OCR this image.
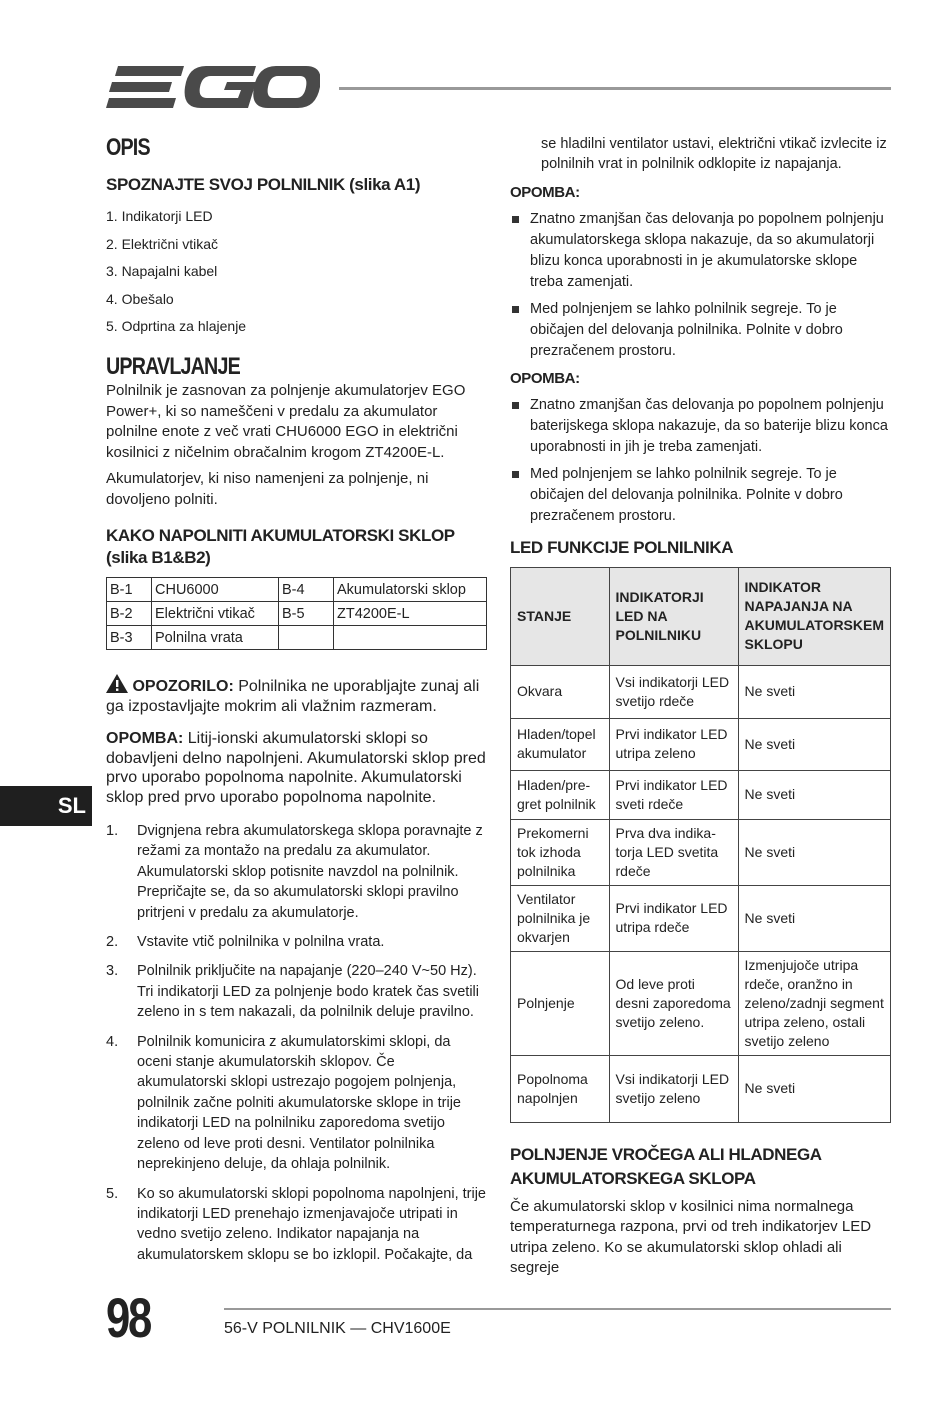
OPIS
SPOZNAJTE SVOJ POLNILNIK (slika A1)
1. Indikatorji LED
2. Električni vtikač
3. Napajalni kabel
4. Obešalo
5. Odprtina za hlajenje
UPRAVLJANJE

Polnilnik je zasnovan za polnjenje akumulatorjev EGO Power+, ki so nameščeni v predalu za akumulator polnilne enote z več vrati CHU6000 EGO in električni kosilnici z ničelnim obračalnim krogom ZT4200E-L.

Akumulatorjev, ki niso namenjeni za polnjenje, ni dovoljeno polniti.

KAKO NAPOLNITI AKUMULATORSKI SKLOP (slika B1&B2)
B-1	CHU6000	B-4	Akumulatorski sklop
B-2	Električni vtikač	B-5	ZT4200E-L
B-3	Polnilna vrata		

OPOZORILO: Polnilnika ne uporabljajte zunaj ali ga izpostavljajte mokrim ali vlažnim razmeram.

OPOMBA: Litij-ionski akumulatorski sklopi so dobavljeni delno napolnjeni. Akumulatorski sklop pred prvo uporabo popolnoma napolnite. Akumulatorski sklop pred prvo uporabo popolnoma napolnite.

1. Dvignjena rebra akumulatorskega sklopa poravnajte z režami za montažo na predalu za akumulator. Akumulatorski sklop potisnite navzdol na polnilnik. Prepričajte se, da so akumulatorski sklopi pravilno pritrjeni v predalu za akumulatorje.
2. Vstavite vtič polnilnika v polnilna vrata.
3. Polnilnik priključite na napajanje (220–240 V~50 Hz). Tri indikatorji LED za polnjenje bodo kratek čas svetili zeleno in s tem nakazali, da polnilnik deluje pravilno.
4. Polnilnik komunicira z akumulatorskimi sklopi, da oceni stanje akumulatorskih sklopov. Če akumulatorski sklopi ustrezajo pogojem polnjenja, polnilnik začne polniti akumulatorske sklope in trije indikatorji LED na polnilniku zaporedoma svetijo zeleno od leve proti desni. Ventilator polnilnika neprekinjeno deluje, da ohlaja polnilnik.
5. Ko so akumulatorski sklopi popolnoma napolnjeni, trije indikatorji LED prenehajo izmenjavajoče utripati in vedno svetijo zeleno. Indikator napajanja na akumulatorskem sklopu se bo izklopil. Počakajte, da

se hladilni ventilator ustavi, električni vtikač izvlecite iz polnilnih vrat in polnilnik odklopite iz napajanja.

OPOMBA:
Znatno zmanjšan čas delovanja po popolnem polnjenju akumulatorskega sklopa nakazuje, da so akumulatorji blizu konca uporabnosti in je akumulatorske sklope treba zamenjati.
Med polnjenjem se lahko polnilnik segreje. To je običajen del delovanja polnilnika. Polnite v dobro prezračenem prostoru.
OPOMBA:
Znatno zmanjšan čas delovanja po popolnem polnjenju baterijskega sklopa nakazuje, da so baterije blizu konca uporabnosti in jih je treba zamenjati.
Med polnjenjem se lahko polnilnik segreje. To je običajen del delovanja polnilnika. Polnite v dobro prezračenem prostoru.
LED FUNKCIJE POLNILNIKA
STANJE	INDIKATORJI LED NA POLNILNIKU	INDIKATOR NAPAJANJA NA AKUMULATORSKEM SKLOPU
Okvara	Vsi indikatorji LED svetijo rdeče	Ne sveti
Hladen/topel akumulator	Prvi indikator LED utripa zeleno	Ne sveti
Hladen/pre-gret polnilnik	Prvi indikator LED sveti rdeče	Ne sveti
Prekomerni tok izhoda polnilnika	Prva dva indika-torja LED svetita rdeče	Ne sveti
Ventilator polnilnika je okvarjen	Prvi indikator LED utripa rdeče	Ne sveti
Polnjenje	Od leve proti desni zaporedoma svetijo zeleno.	Izmenjujoče utripa rdeče, oranžno in zeleno/zadnji segment utripa zeleno, ostali svetijo zeleno
Popolnoma napolnjen	Vsi indikatorji LED svetijo zeleno	Ne sveti
POLNJENJE VROČEGA ALI HLADNEGA AKUMULATORSKEGA SKLOPA

Če akumulatorski sklop v kosilnici nima normalnega temperaturnega razpona, prvi od treh indikatorjev LED utripa zeleno. Ko se akumulatorski sklop ohladi ali segreje

SL
98	56-V POLNILNIK — CHV1600E
